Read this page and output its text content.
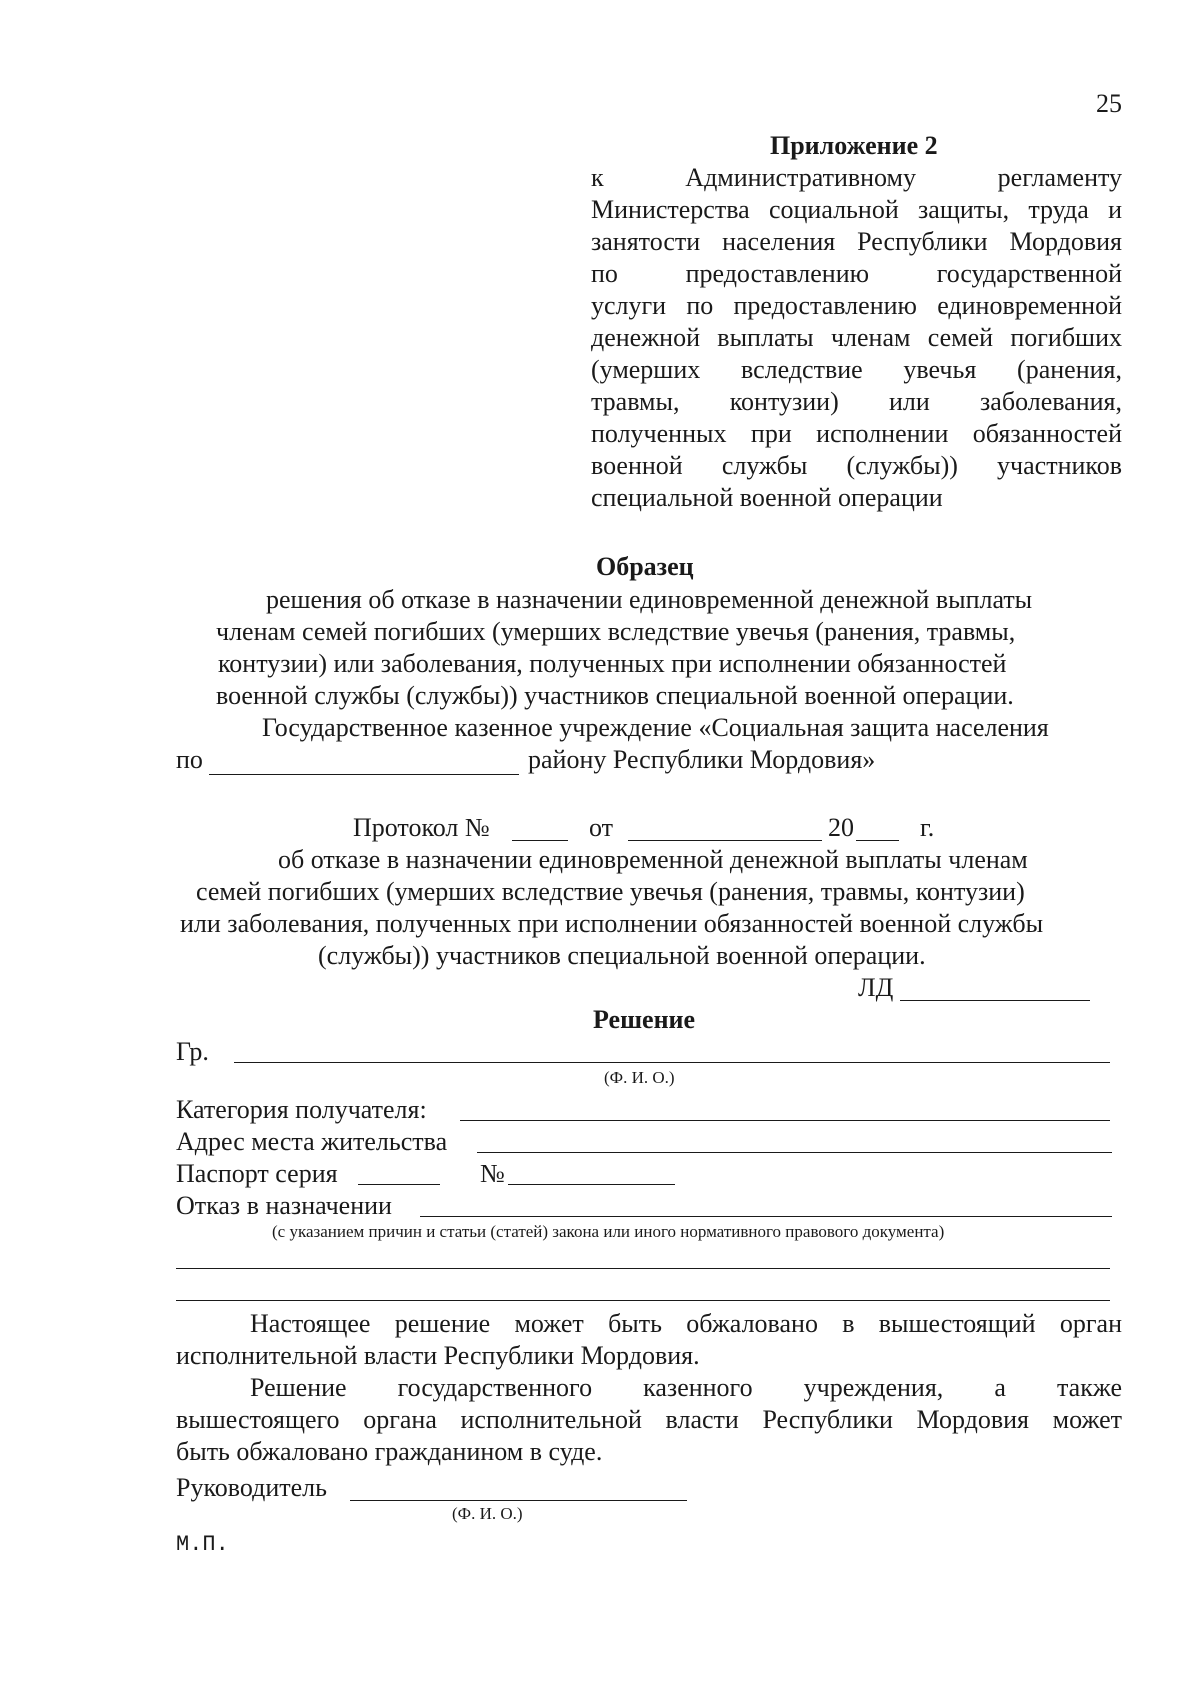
25
Приложение 2
к Административному регламенту
Министерства социальной защиты, труда и
занятости населения Республики Мордовия
по предоставлению государственной
услуги по предоставлению единовременной
денежной выплаты членам семей погибших
(умерших вследствие увечья (ранения,
травмы, контузии) или заболевания,
полученных при исполнении обязанностей
военной службы (службы)) участников
специальной военной операции
Образец
решения об отказе в назначении единовременной денежной выплаты
членам семей погибших (умерших вследствие увечья (ранения, травмы,
контузии) или заболевания, полученных при исполнении обязанностей
военной службы (службы)) участников специальной военной операции.
Государственное казенное учреждение «Социальная защита населения
по	району Республики Мордовия»
Протокол №	от	20	г.
об отказе в назначении единовременной денежной выплаты членам
семей погибших (умерших вследствие увечья (ранения, травмы, контузии)
или заболевания, полученных при исполнении обязанностей военной службы
(службы)) участников специальной военной операции.
ЛД
Решение
Гр.
(Ф. И. О.)
Категория получателя:
Адрес места жительства
Паспорт серия	№
Отказ в назначении
(с указанием причин и статьи (статей) закона или иного нормативного правового документа)
Настоящее решение может быть обжаловано в вышестоящий орган
исполнительной власти Республики Мордовия.
Решение государственного казенного учреждения, а также
вышестоящего органа исполнительной власти Республики Мордовия может
быть обжаловано гражданином в суде.
Руководитель
(Ф. И. О.)
М.П.
